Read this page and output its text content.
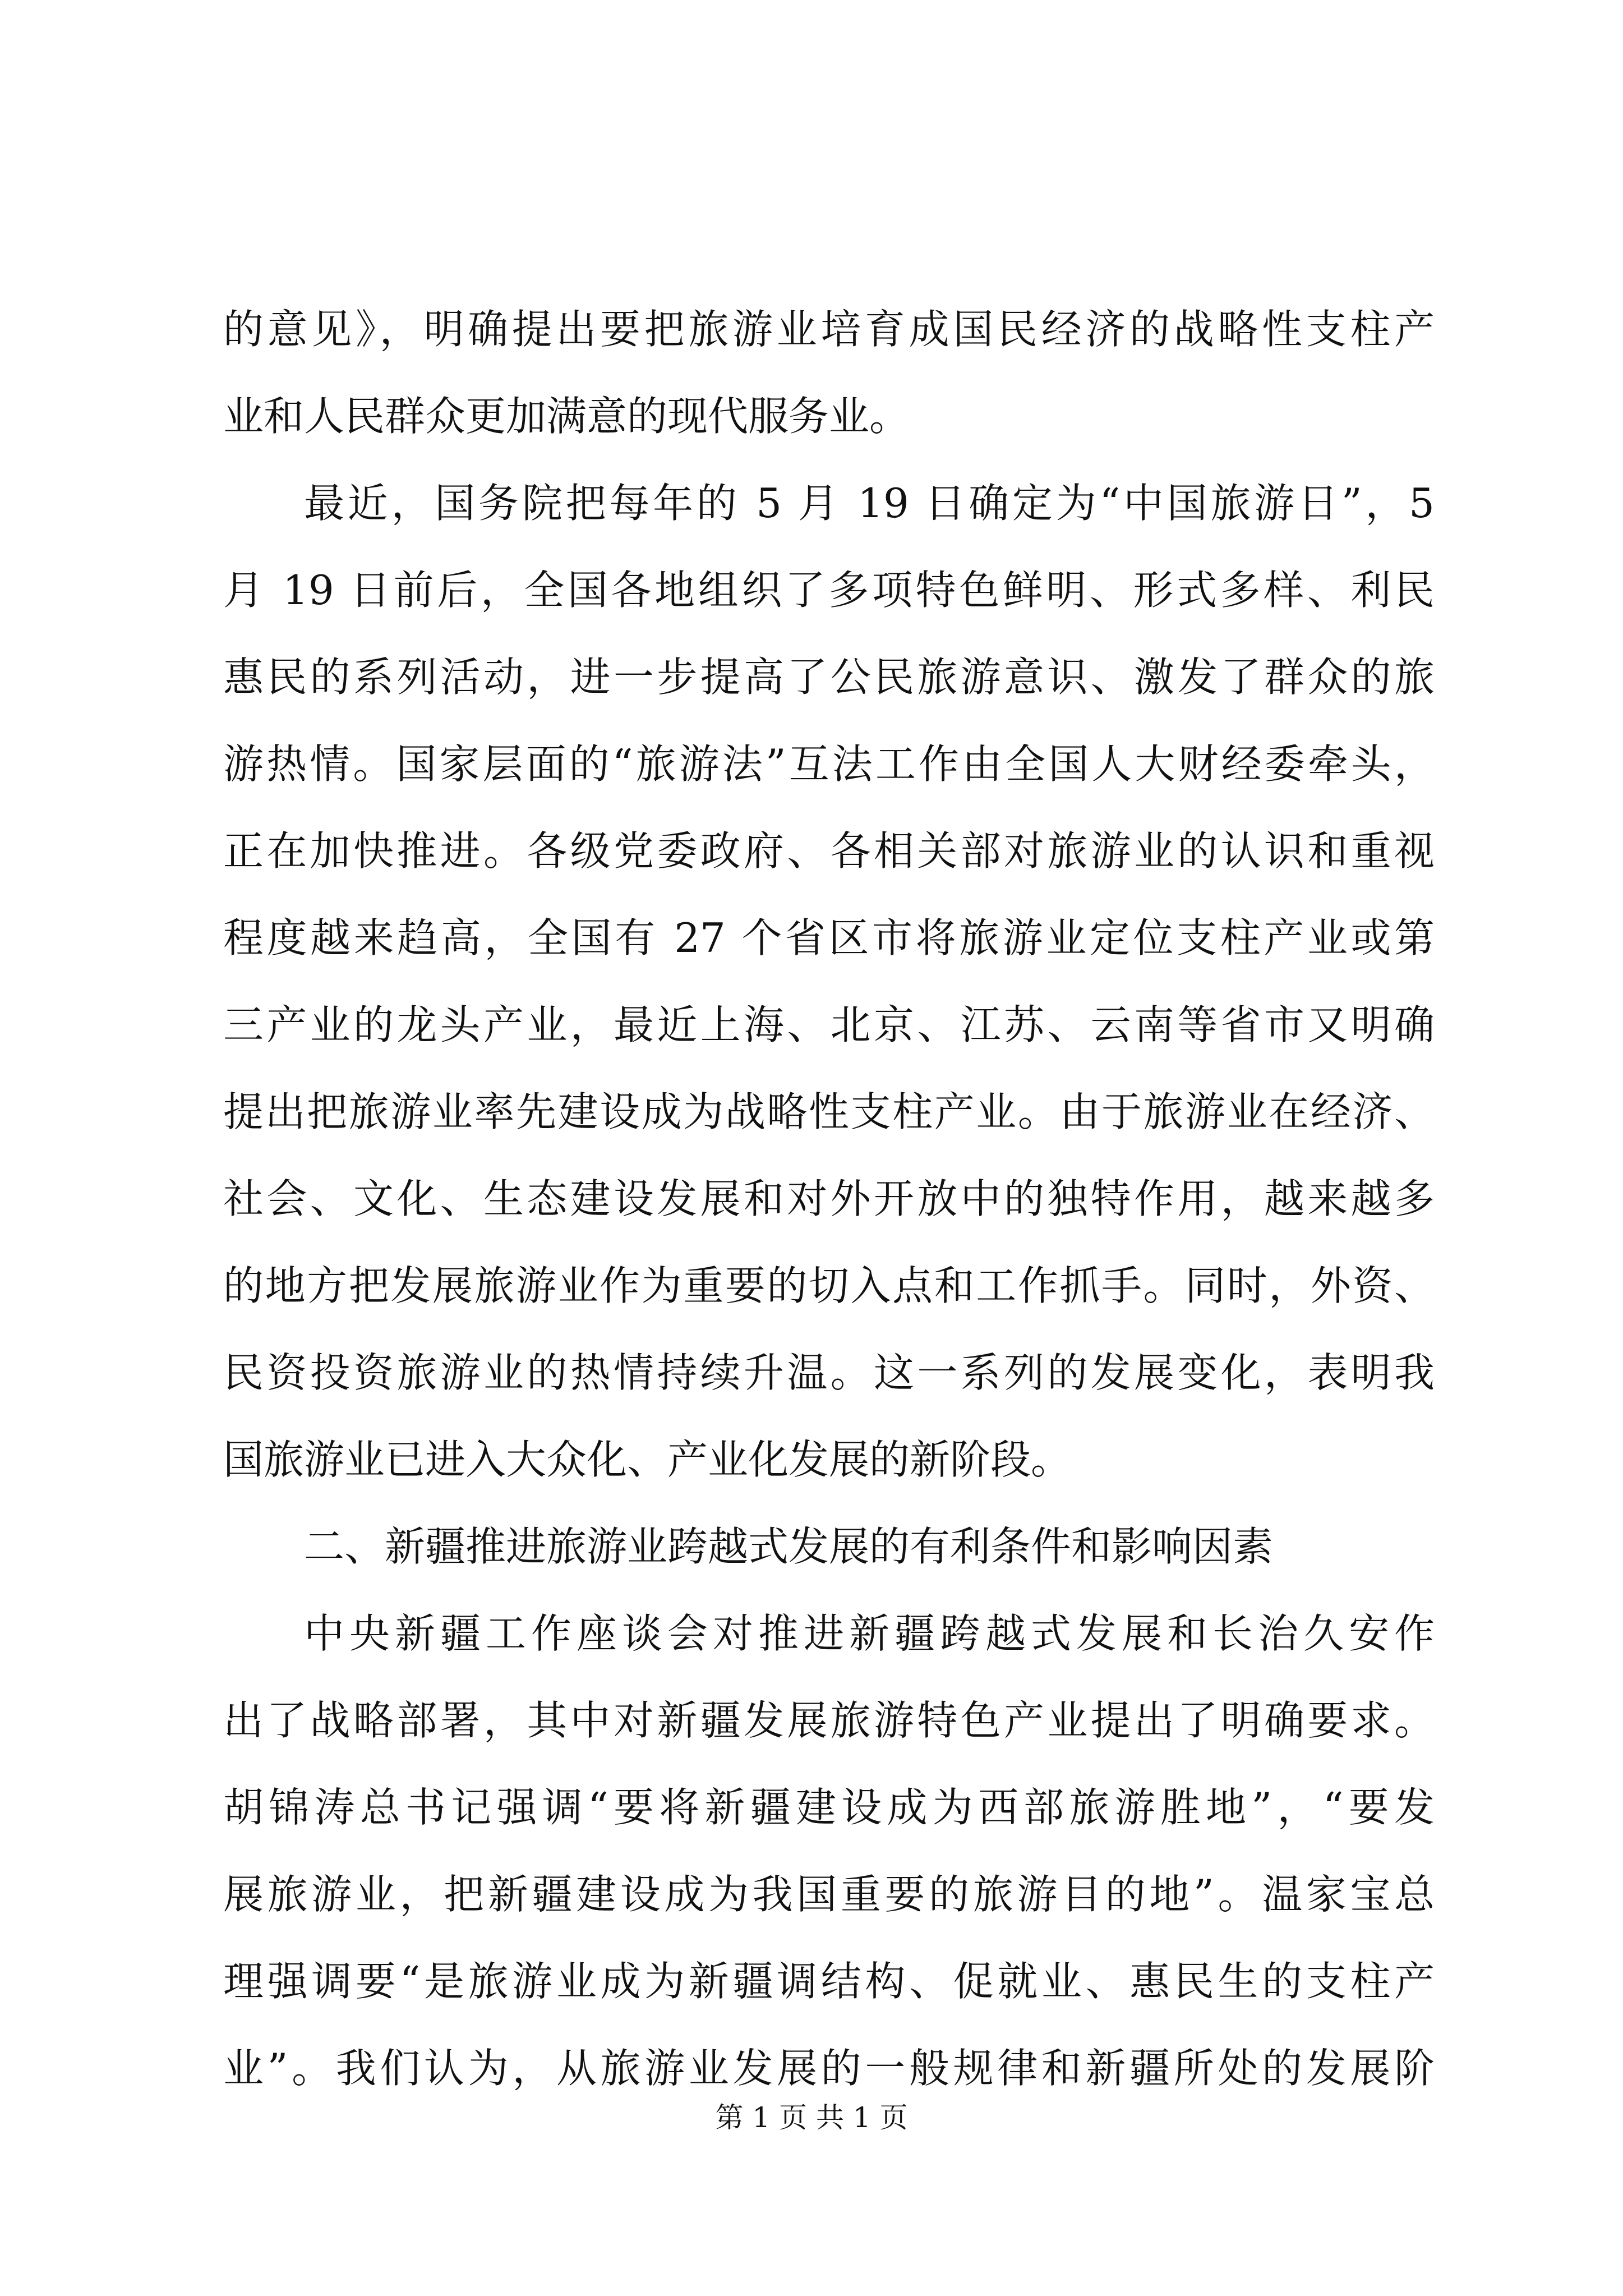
的意见》，明确提出要把旅游业培育成国民经济的战略性支柱产
业和人民群众更加满意的现代服务业。
最近，国务院把每年的 5 月 19 日确定为“中国旅游日”，5
月 19 日前后，全国各地组织了多项特色鲜明、形式多样、利民
惠民的系列活动，进一步提高了公民旅游意识、激发了群众的旅
游热情。国家层面的“旅游法”互法工作由全国人大财经委牵头，
正在加快推进。各级党委政府、各相关部对旅游业的认识和重视
程度越来趋高，全国有 27 个省区市将旅游业定位支柱产业或第
三产业的龙头产业，最近上海、北京、江苏、云南等省市又明确
提出把旅游业率先建设成为战略性支柱产业。由于旅游业在经济、
社会、文化、生态建设发展和对外开放中的独特作用，越来越多
的地方把发展旅游业作为重要的切入点和工作抓手。同时，外资、
民资投资旅游业的热情持续升温。这一系列的发展变化，表明我
国旅游业已进入大众化、产业化发展的新阶段。
二、新疆推进旅游业跨越式发展的有利条件和影响因素
中央新疆工作座谈会对推进新疆跨越式发展和长治久安作
出了战略部署，其中对新疆发展旅游特色产业提出了明确要求。
胡锦涛总书记强调“要将新疆建设成为西部旅游胜地”，“要发
展旅游业，把新疆建设成为我国重要的旅游目的地”。温家宝总
理强调要“是旅游业成为新疆调结构、促就业、惠民生的支柱产
业”。我们认为，从旅游业发展的一般规律和新疆所处的发展阶
第 1 页 共 1 页
